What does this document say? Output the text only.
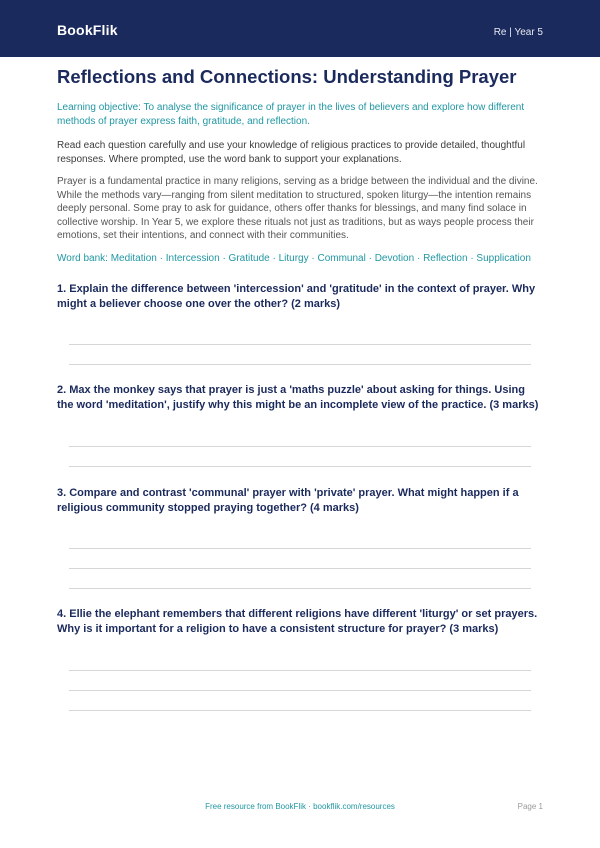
BookFlik	Re | Year 5
Reflections and Connections: Understanding Prayer
Learning objective: To analyse the significance of prayer in the lives of believers and explore how different methods of prayer express faith, gratitude, and reflection.
Read each question carefully and use your knowledge of religious practices to provide detailed, thoughtful responses. Where prompted, use the word bank to support your explanations.
Prayer is a fundamental practice in many religions, serving as a bridge between the individual and the divine. While the methods vary—ranging from silent meditation to structured, spoken liturgy—the intention remains deeply personal. Some pray to ask for guidance, others offer thanks for blessings, and many find solace in collective worship. In Year 5, we explore these rituals not just as traditions, but as ways people process their emotions, set their intentions, and connect with their communities.
Word bank: Meditation · Intercession · Gratitude · Liturgy · Communal · Devotion · Reflection · Supplication
1. Explain the difference between 'intercession' and 'gratitude' in the context of prayer. Why might a believer choose one over the other? (2 marks)
2. Max the monkey says that prayer is just a 'maths puzzle' about asking for things. Using the word 'meditation', justify why this might be an incomplete view of the practice. (3 marks)
3. Compare and contrast 'communal' prayer with 'private' prayer. What might happen if a religious community stopped praying together? (4 marks)
4. Ellie the elephant remembers that different religions have different 'liturgy' or set prayers. Why is it important for a religion to have a consistent structure for prayer? (3 marks)
Free resource from BookFlik · bookflik.com/resources	Page 1
